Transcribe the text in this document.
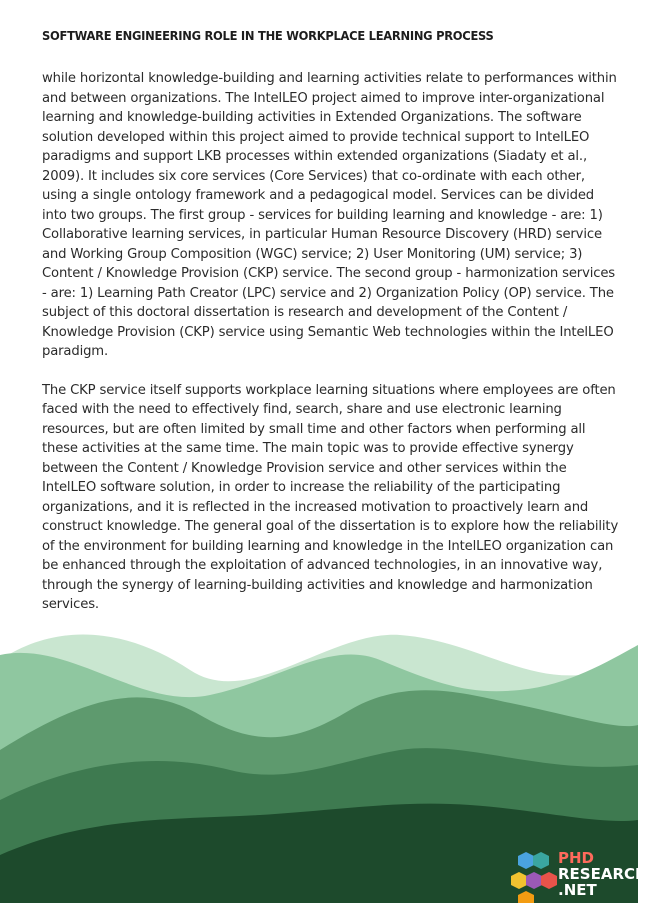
SOFTWARE ENGINEERING ROLE IN THE WORKPLACE LEARNING PROCESS

while horizontal knowledge-building and learning activities relate to performances within and between organizations. The IntelLEO project aimed to improve inter-organizational learning and knowledge-building activities in Extended Organizations. The software solution developed within this project aimed to provide technical support to IntelLEO paradigms and support LKB processes within extended organizations (Siadaty et al., 2009). It includes six core services (Core Services) that co-ordinate with each other, using a single ontology framework and a pedagogical model. Services can be divided into two groups. The first group - services for building learning and knowledge - are: 1) Collaborative learning services, in particular Human Resource Discovery (HRD) service and Working Group Composition (WGC) service; 2) User Monitoring (UM) service; 3) Content / Knowledge Provision (CKP) service. The second group - harmonization services - are: 1) Learning Path Creator (LPC) service and 2) Organization Policy (OP) service. The subject of this doctoral dissertation is research and development of the Content / Knowledge Provision (CKP) service using Semantic Web technologies within the IntelLEO paradigm.

The CKP service itself supports workplace learning situations where employees are often faced with the need to effectively find, search, share and use electronic learning resources, but are often limited by small time and other factors when performing all these activities at the same time. The main topic was to provide effective synergy between the Content / Knowledge Provision service and other services within the IntelLEO software solution, in order to increase the reliability of the participating organizations, and it is reflected in the increased motivation to proactively learn and construct knowledge. The general goal of the dissertation is to explore how the reliability of the environment for building learning and knowledge in the IntelLEO organization can be enhanced through the exploitation of advanced technologies, in an innovative way, through the synergy of learning-building activities and knowledge and harmonization services.

PHD
RESEARCH
.NET
